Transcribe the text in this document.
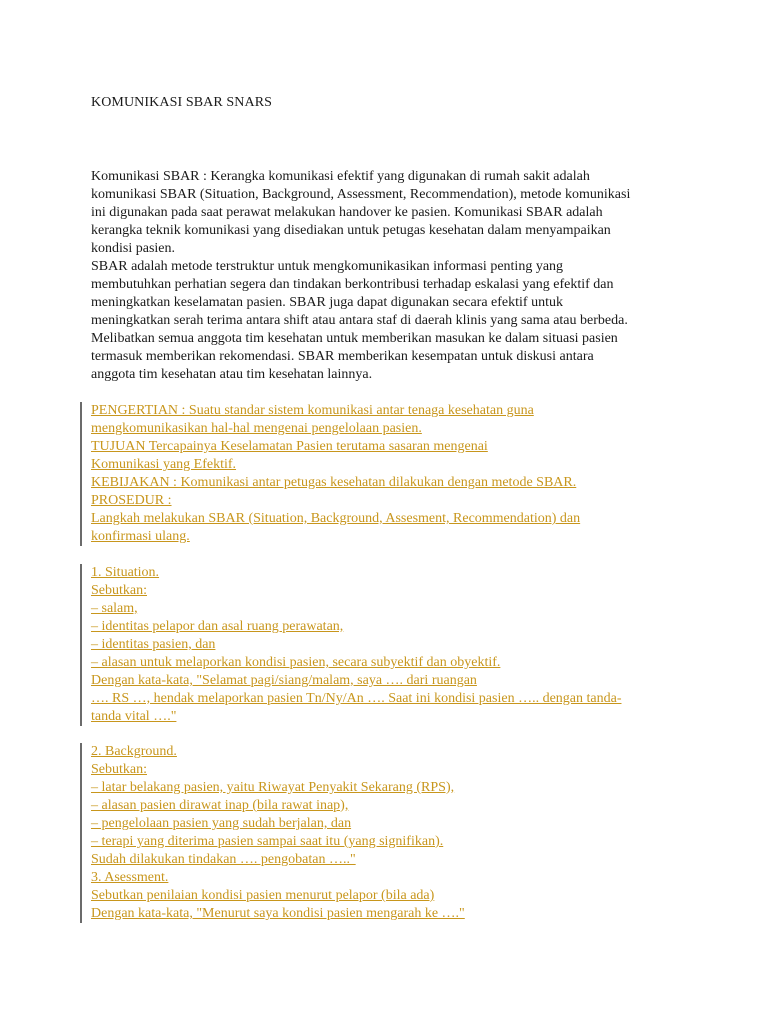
KOMUNIKASI SBAR SNARS

Komunikasi SBAR : Kerangka komunikasi efektif yang digunakan di rumah sakit adalah
komunikasi SBAR (Situation, Background, Assessment, Recommendation), metode komunikasi
ini digunakan pada saat perawat melakukan handover ke pasien. Komunikasi SBAR adalah
kerangka teknik komunikasi yang disediakan untuk petugas kesehatan dalam menyampaikan
kondisi pasien.

SBAR adalah metode terstruktur untuk mengkomunikasikan informasi penting yang
membutuhkan perhatian segera dan tindakan berkontribusi terhadap eskalasi yang efektif dan
meningkatkan keselamatan pasien. SBAR juga dapat digunakan secara efektif untuk
meningkatkan serah terima antara shift atau antara staf di daerah klinis yang sama atau berbeda.
Melibatkan semua anggota tim kesehatan untuk memberikan masukan ke dalam situasi pasien
termasuk memberikan rekomendasi. SBAR memberikan kesempatan untuk diskusi antara
anggota tim kesehatan atau tim kesehatan lainnya.

PENGERTIAN : Suatu standar sistem komunikasi antar tenaga kesehatan guna
mengkomunikasikan hal-hal mengenai pengelolaan pasien.
TUJUAN Tercapainya Keselamatan Pasien terutama sasaran mengenai
Komunikasi yang Efektif.
KEBIJAKAN : Komunikasi antar petugas kesehatan dilakukan dengan metode SBAR.
PROSEDUR :
Langkah melakukan SBAR (Situation, Background, Assesment, Recommendation) dan
konfirmasi ulang.
1. Situation.
Sebutkan:
– salam,
– identitas pelapor dan asal ruang perawatan,
– identitas pasien, dan
– alasan untuk melaporkan kondisi pasien, secara subyektif dan obyektif.
Dengan kata-kata, "Selamat pagi/siang/malam, saya …. dari ruangan
…. RS …, hendak melaporkan pasien Tn/Ny/An …. Saat ini kondisi pasien ….. dengan tanda-
tanda vital …."
2. Background.
Sebutkan:
– latar belakang pasien, yaitu Riwayat Penyakit Sekarang (RPS),
– alasan pasien dirawat inap (bila rawat inap),
– pengelolaan pasien yang sudah berjalan, dan
– terapi yang diterima pasien sampai saat itu (yang signifikan).
Sudah dilakukan tindakan …. pengobatan ….."
3. Asessment.
Sebutkan penilaian kondisi pasien menurut pelapor (bila ada)
Dengan kata-kata, "Menurut saya kondisi pasien mengarah ke …."
